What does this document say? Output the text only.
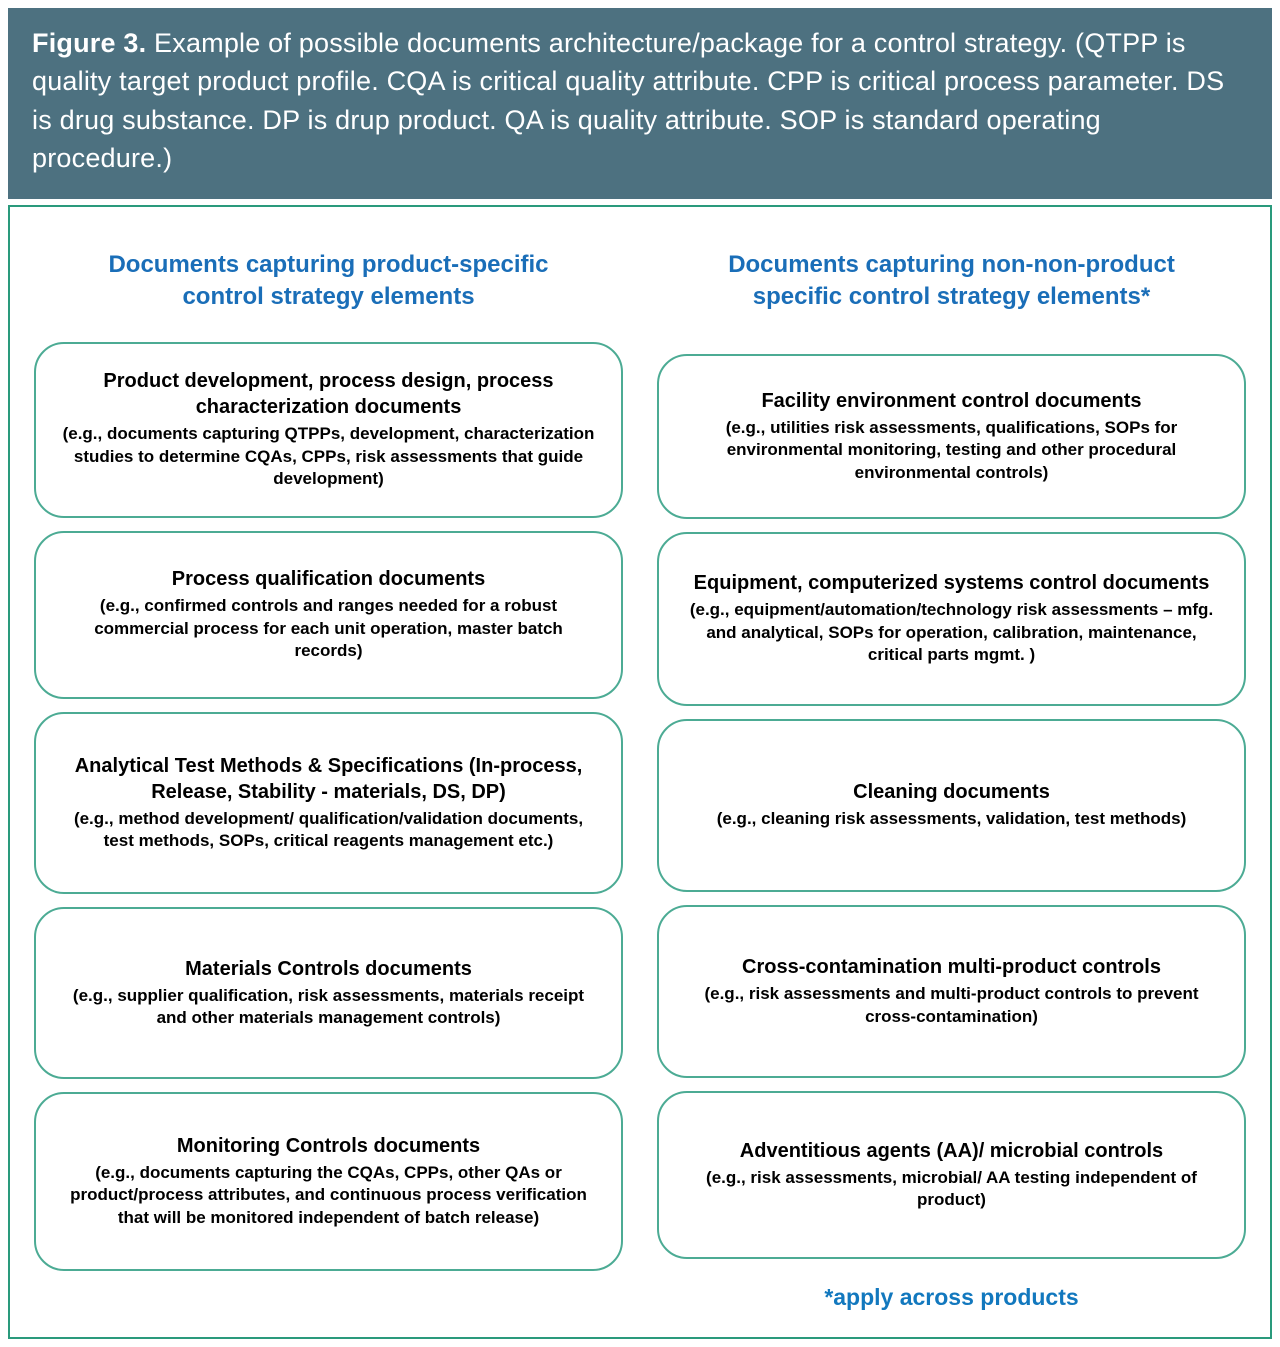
Figure 3. Example of possible documents architecture/package for a control strategy. (QTPP is quality target product profile. CQA is critical quality attribute. CPP is critical process parameter. DS is drug substance. DP is drup product. QA is quality attribute. SOP is standard operating procedure.)
Documents capturing product-specific control strategy elements
Product development, process design, process characterization documents
(e.g., documents capturing QTPPs, development, characterization studies to determine CQAs, CPPs, risk assessments that guide development)
Process qualification documents
(e.g., confirmed controls and ranges needed for a robust commercial process for each unit operation, master batch records)
Analytical Test Methods & Specifications (In-process, Release, Stability - materials, DS, DP)
(e.g., method development/ qualification/validation documents, test methods, SOPs, critical reagents management etc.)
Materials Controls documents
(e.g., supplier qualification, risk assessments, materials receipt and other materials management controls)
Monitoring Controls documents
(e.g., documents capturing the CQAs, CPPs, other QAs or product/process attributes, and continuous process verification that will be monitored independent of batch release)
Documents capturing non-non-product specific control strategy elements*
Facility environment control documents
(e.g., utilities risk assessments, qualifications, SOPs for environmental monitoring, testing and other procedural environmental controls)
Equipment, computerized systems control documents
(e.g., equipment/automation/technology risk assessments – mfg. and analytical, SOPs for operation, calibration, maintenance, critical parts mgmt. )
Cleaning documents
(e.g., cleaning risk assessments, validation, test methods)
Cross-contamination multi-product controls
(e.g., risk assessments and multi-product controls to prevent cross-contamination)
Adventitious agents (AA)/ microbial controls
(e.g., risk assessments, microbial/ AA testing independent of product)
*apply across products
